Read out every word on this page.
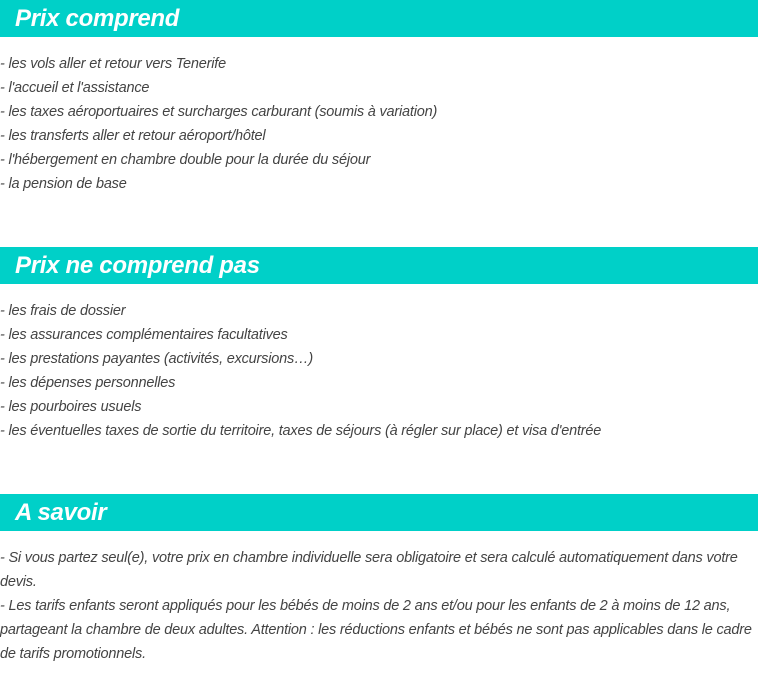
Prix comprend
- les vols aller et retour vers Tenerife
- l'accueil et l'assistance
- les taxes aéroportuaires et surcharges carburant (soumis à variation)
- les transferts aller et retour aéroport/hôtel
- l'hébergement en chambre double pour la durée du séjour
- la pension de base
Prix ne comprend pas
- les frais de dossier
- les assurances complémentaires facultatives
- les prestations payantes (activités, excursions…)
- les dépenses personnelles
- les pourboires usuels
- les éventuelles taxes de sortie du territoire, taxes de séjours (à régler sur place) et visa d'entrée
A savoir
- Si vous partez seul(e), votre prix en chambre individuelle sera obligatoire et sera calculé automatiquement dans votre devis.
- Les tarifs enfants seront appliqués pour les bébés de moins de 2 ans et/ou pour les enfants de 2 à moins de 12 ans, partageant la chambre de deux adultes. Attention : les réductions enfants et bébés ne sont pas applicables dans le cadre de tarifs promotionnels.
